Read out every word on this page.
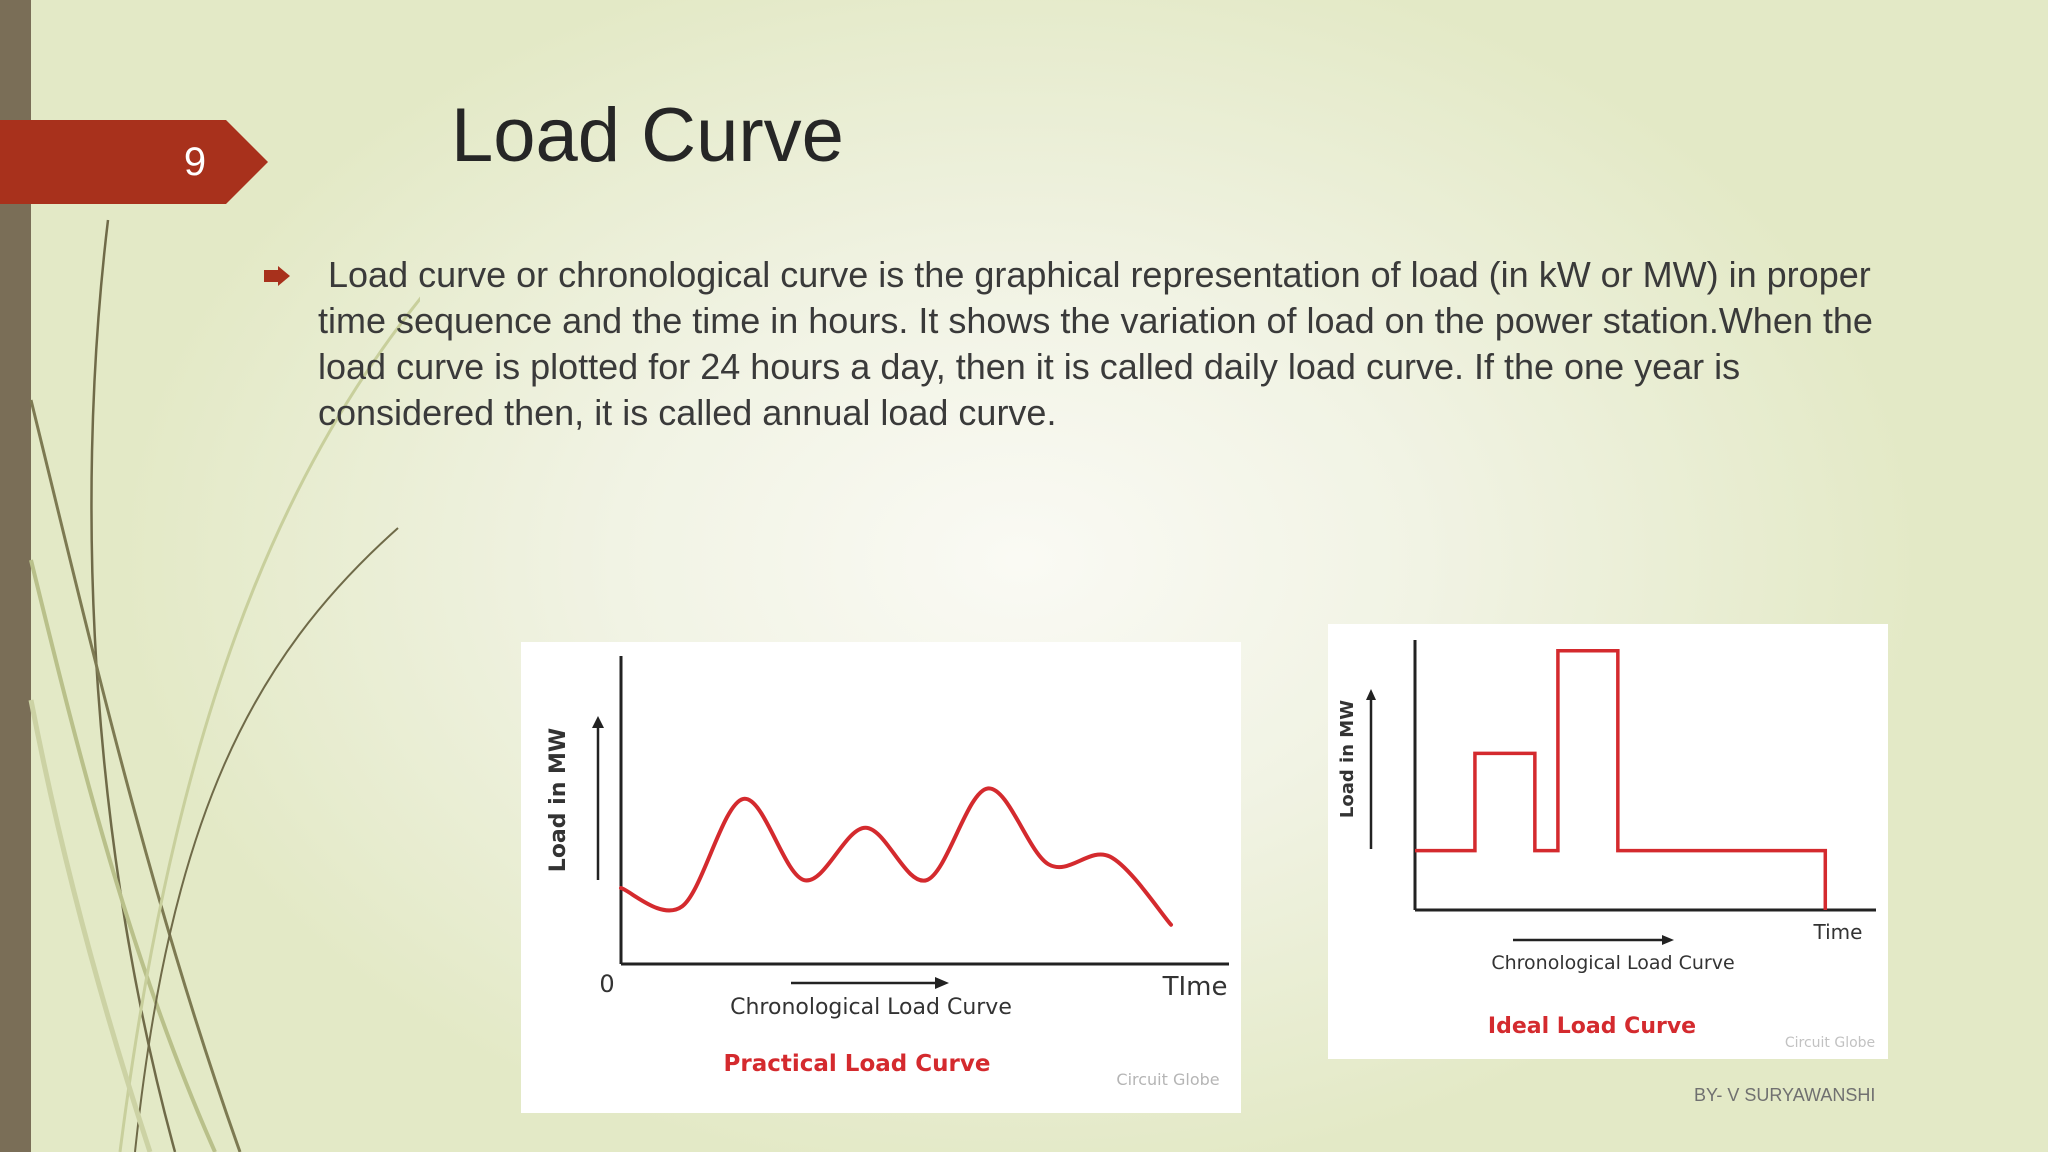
9	Load Curve

Load curve or chronological curve is the graphical representation of load (in kW or MW) in proper time sequence and the time in hours. It shows the variation of load on the power station.When the load curve is plotted for 24 hours a day, then it is called daily load curve. If the one year is considered then, it is called annual load curve.

Load in MW
0	TIme
Chronological Load Curve
Practical Load Curve
Circuit Globe
Load in MW
Time
Chronological Load Curve
Ideal Load Curve
Circuit Globe
BY- V SURYAWANSHI
